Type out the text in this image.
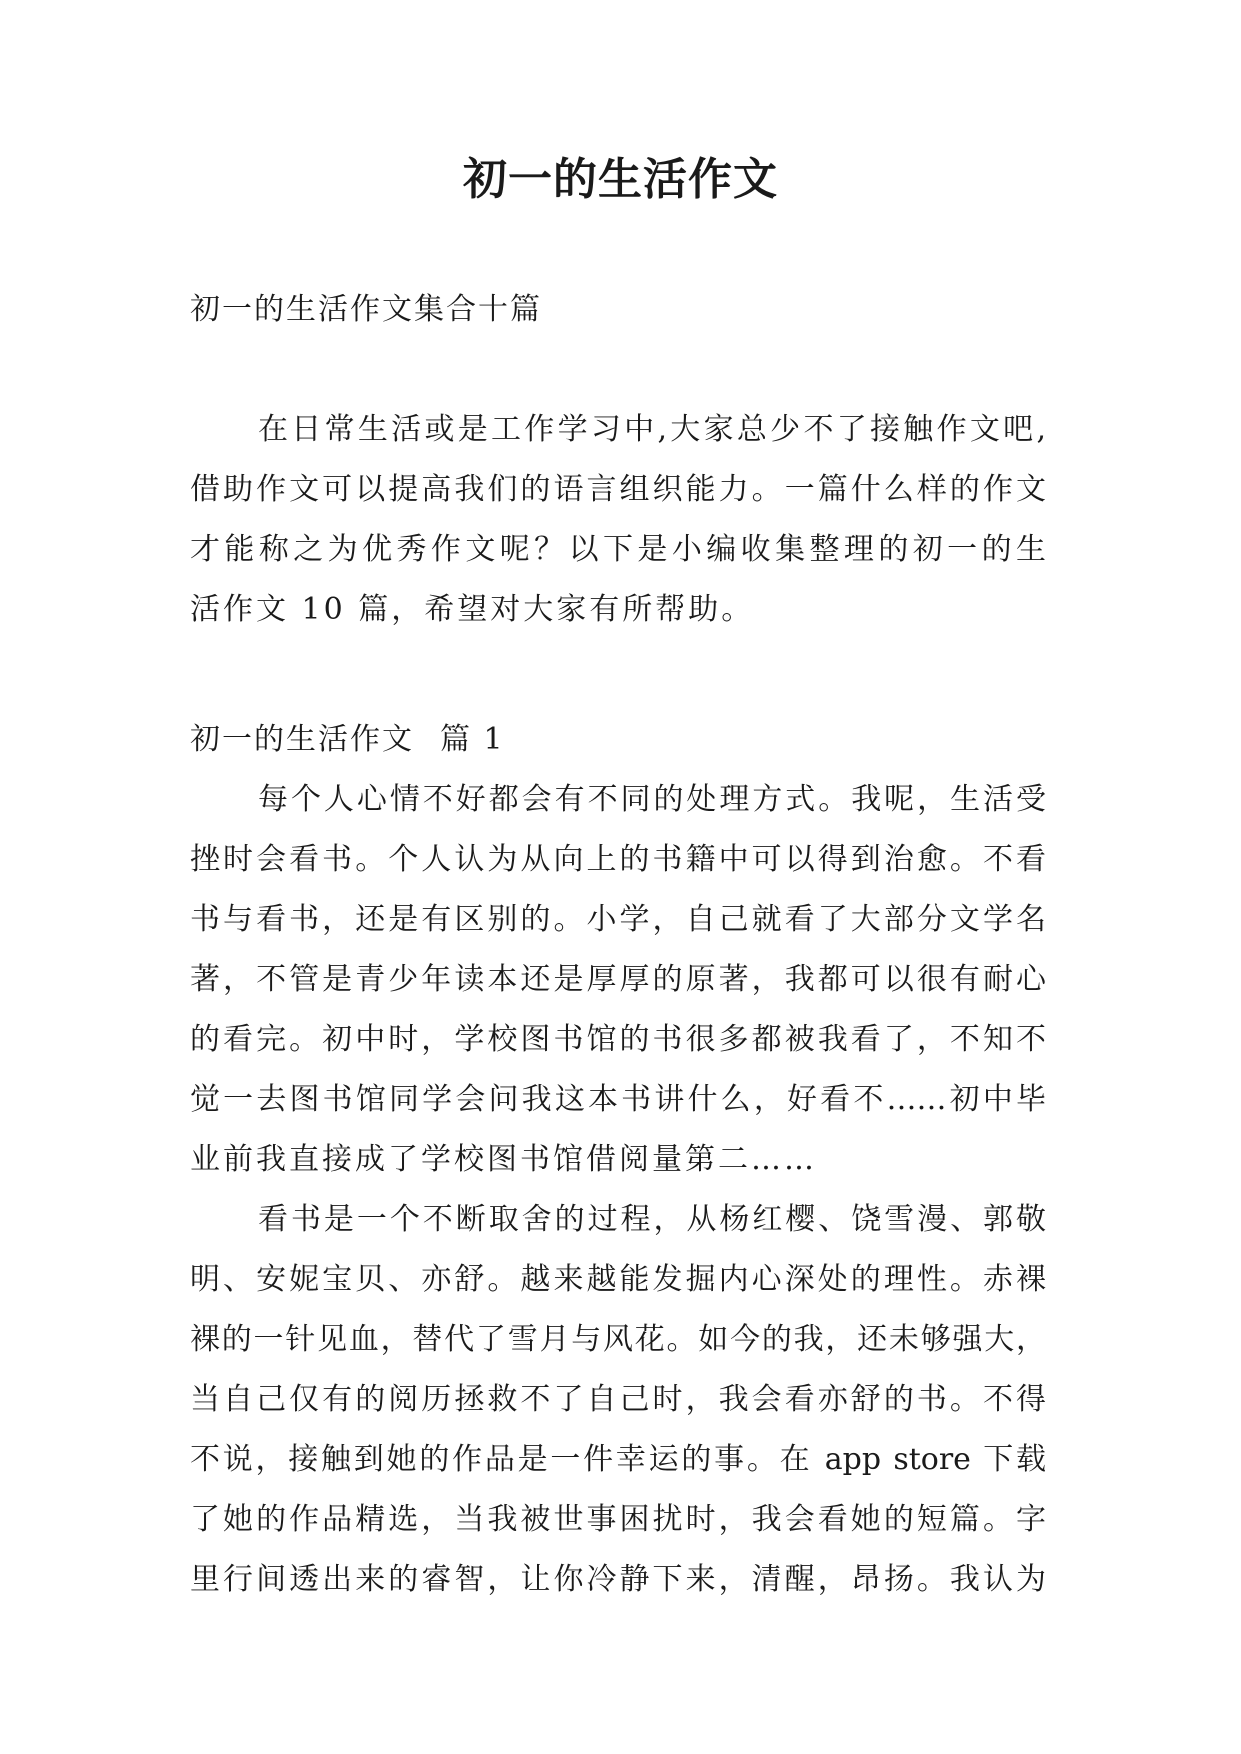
初一的生活作文
初一的生活作文集合十篇
在日常生活或是工作学习中,大家总少不了接触作文吧,
借助作文可以提高我们的语言组织能力。一篇什么样的作文
才能称之为优秀作文呢？以下是小编收集整理的初一的生
活作文 10 篇，希望对大家有所帮助。
初一的生活作文 篇 1
每个人心情不好都会有不同的处理方式。我呢，生活受
挫时会看书。个人认为从向上的书籍中可以得到治愈。不看
书与看书，还是有区别的。小学，自己就看了大部分文学名
著，不管是青少年读本还是厚厚的原著，我都可以很有耐心
的看完。初中时，学校图书馆的书很多都被我看了，不知不
觉一去图书馆同学会问我这本书讲什么，好看不……初中毕
业前我直接成了学校图书馆借阅量第二……
看书是一个不断取舍的过程，从杨红樱、饶雪漫、郭敬
明、安妮宝贝、亦舒。越来越能发掘内心深处的理性。赤裸
裸的一针见血，替代了雪月与风花。如今的我，还未够强大，
当自己仅有的阅历拯救不了自己时，我会看亦舒的书。不得
不说，接触到她的作品是一件幸运的事。在 app store 下载
了她的作品精选，当我被世事困扰时，我会看她的短篇。字
里行间透出来的睿智，让你冷静下来，清醒，昂扬。我认为
